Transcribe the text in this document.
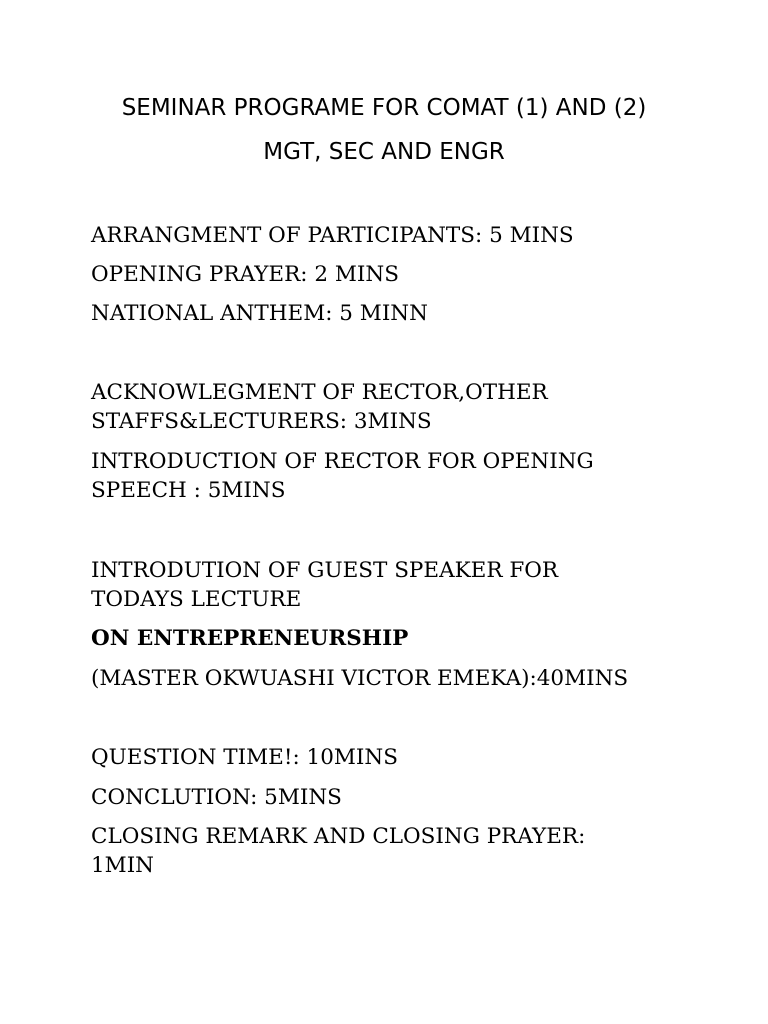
SEMINAR PROGRAME FOR COMAT (1) AND (2)
MGT, SEC AND ENGR
ARRANGMENT OF PARTICIPANTS: 5 MINS
OPENING PRAYER: 2 MINS
NATIONAL ANTHEM: 5 MINN
ACKNOWLEGMENT OF RECTOR,OTHER
STAFFS&LECTURERS: 3MINS
INTRODUCTION OF RECTOR FOR OPENING
SPEECH : 5MINS
INTRODUTION OF GUEST SPEAKER FOR
TODAYS LECTURE
ON ENTREPRENEURSHIP
(MASTER OKWUASHI VICTOR EMEKA):40MINS
QUESTION TIME!: 10MINS
CONCLUTION: 5MINS
CLOSING REMARK AND CLOSING PRAYER:
1MIN
